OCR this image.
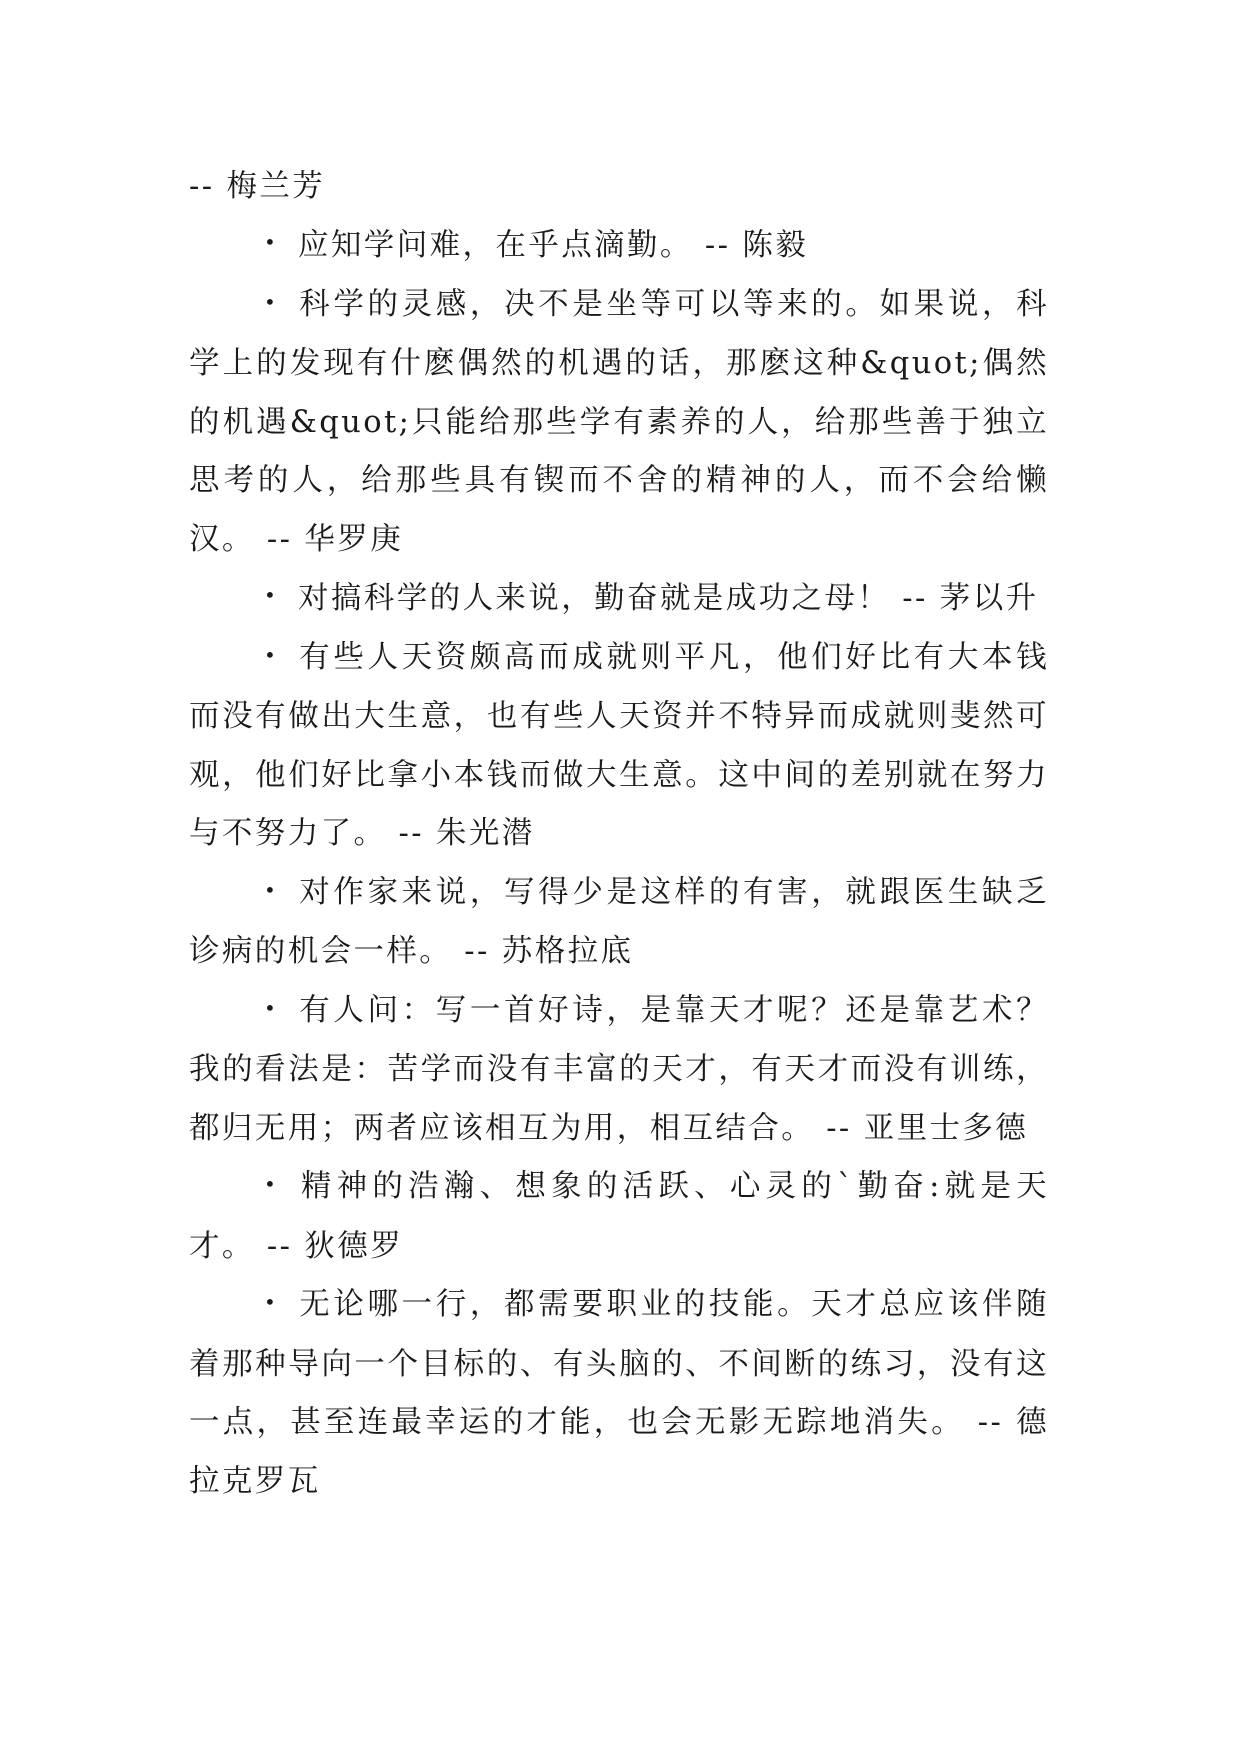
-- 梅兰芳

• 应知学问难，在乎点滴勤。 -- 陈毅

• 科学的灵感，决不是坐等可以等来的。如果说，科学上的发现有什麽偶然的机遇的话，那麽这种&quot;偶然的机遇&quot;只能给那些学有素养的人，给那些善于独立思考的人，给那些具有锲而不舍的精神的人，而不会给懒汉。 -- 华罗庚

• 对搞科学的人来说，勤奋就是成功之母！ -- 茅以升

• 有些人天资颇高而成就则平凡，他们好比有大本钱而没有做出大生意，也有些人天资并不特异而成就则斐然可观，他们好比拿小本钱而做大生意。这中间的差别就在努力与不努力了。 -- 朱光潜

• 对作家来说，写得少是这样的有害，就跟医生缺乏诊病的机会一样。 -- 苏格拉底

• 有人问：写一首好诗，是靠天才呢？还是靠艺术？我的看法是：苦学而没有丰富的天才，有天才而没有训练，都归无用；两者应该相互为用，相互结合。 -- 亚里士多德

• 精神的浩瀚、想象的活跃、心灵的`勤奋:就是天才。 -- 狄德罗

• 无论哪一行，都需要职业的技能。天才总应该伴随着那种导向一个目标的、有头脑的、不间断的练习，没有这一点，甚至连最幸运的才能，也会无影无踪地消失。 -- 德拉克罗瓦
